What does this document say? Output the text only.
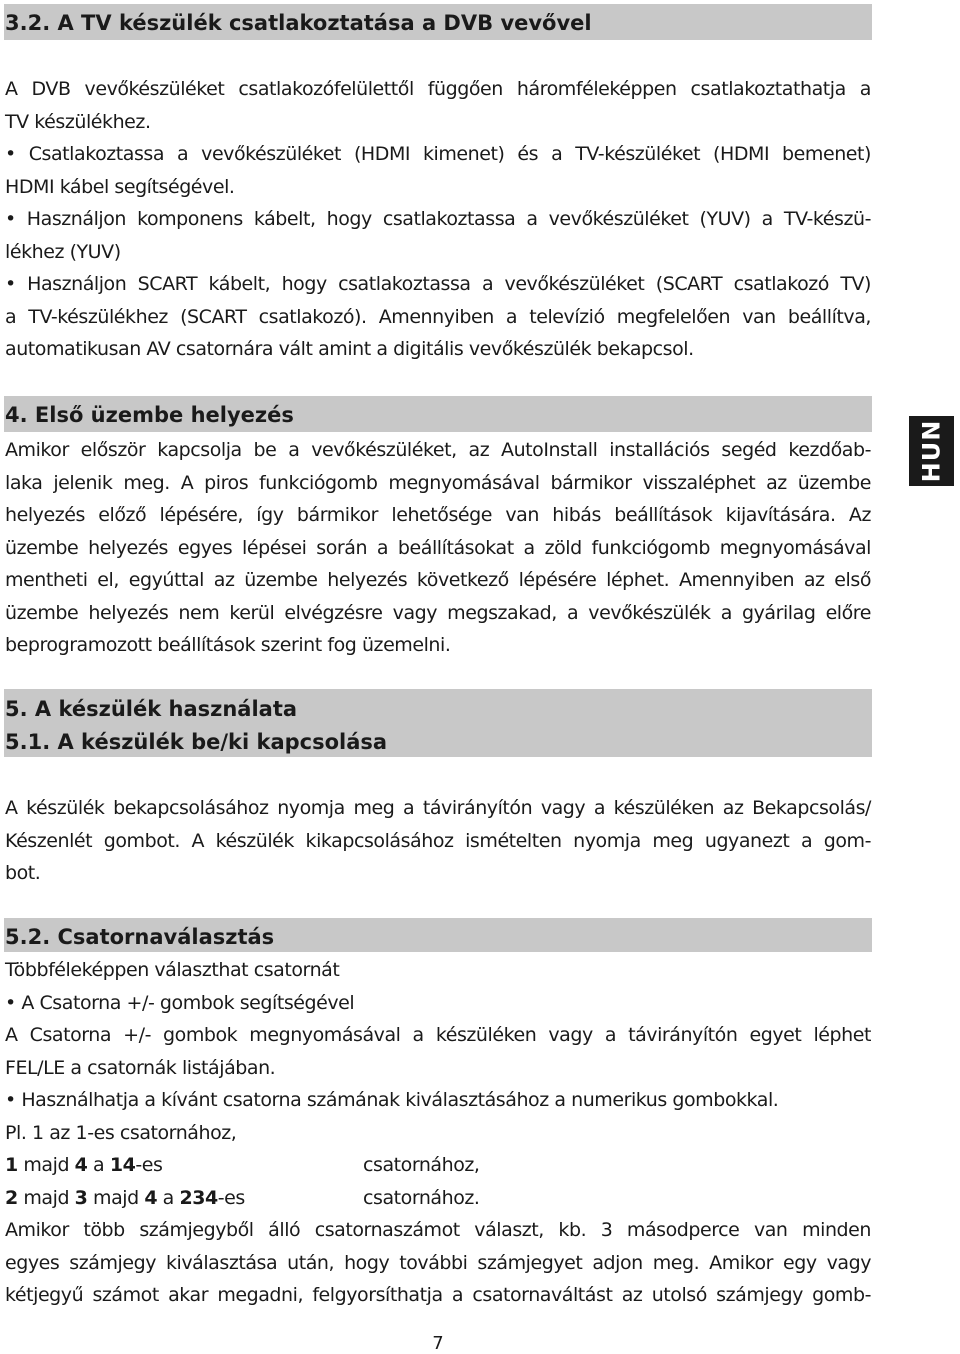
3.2. A TV készülék csatlakoztatása a DVB vevővel
A DVB vevőkészüléket csatlakozófelülettől függően háromféleképpen csatlakoztathatja a
TV készülékhez.
• Csatlakoztassa a vevőkészüléket (HDMI kimenet) és a TV-készüléket (HDMI bemenet)
HDMI kábel segítségével.
• Használjon komponens kábelt, hogy csatlakoztassa a vevőkészüléket (YUV) a TV-készü-
lékhez (YUV)
• Használjon SCART kábelt, hogy csatlakoztassa a vevőkészüléket (SCART csatlakozó TV)
a TV-készülékhez (SCART csatlakozó). Amennyiben a televízió megfelelően van beállítva,
automatikusan AV csatornára vált amint a digitális vevőkészülék bekapcsol.
4. Első üzembe helyezés
Amikor először kapcsolja be a vevőkészüléket, az AutoInstall installációs segéd kezdőab-
laka jelenik meg. A piros funkciógomb megnyomásával bármikor visszaléphet az üzembe
helyezés előző lépésére, így bármikor lehetősége van hibás beállítások kijavítására. Az
üzembe helyezés egyes lépései során a beállításokat a zöld funkciógomb megnyomásával
mentheti el, egyúttal az üzembe helyezés következő lépésére léphet. Amennyiben az első
üzembe helyezés nem kerül elvégzésre vagy megszakad, a vevőkészülék a gyárilag előre
beprogramozott beállítások szerint fog üzemelni.
HUN
5. A készülék használata
5.1. A készülék be/ki kapcsolása
A készülék bekapcsolásához nyomja meg a távirányítón vagy a készüléken az Bekapcsolás/
Készenlét gombot. A készülék kikapcsolásához ismételten nyomja meg ugyanezt a gom-
bot.
5.2. Csatornaválasztás
Többféleképpen választhat csatornát
• A Csatorna +/- gombok segítségével
A Csatorna +/- gombok megnyomásával a készüléken vagy a távirányítón egyet léphet
FEL/LE a csatornák listájában.
• Használhatja a kívánt csatorna számának kiválasztásához a numerikus gombokkal.
Pl. 1 az 1-es csatornához,
1 majd 4 a 14-es	csatornához,
2 majd 3 majd 4 a 234-es	csatornához.
Amikor több számjegyből álló csatornaszámot választ, kb. 3 másodperce van minden
egyes számjegy kiválasztása után, hogy további számjegyet adjon meg. Amikor egy vagy
kétjegyű számot akar megadni, felgyorsíthatja a csatornaváltást az utolsó számjegy gomb-
7
